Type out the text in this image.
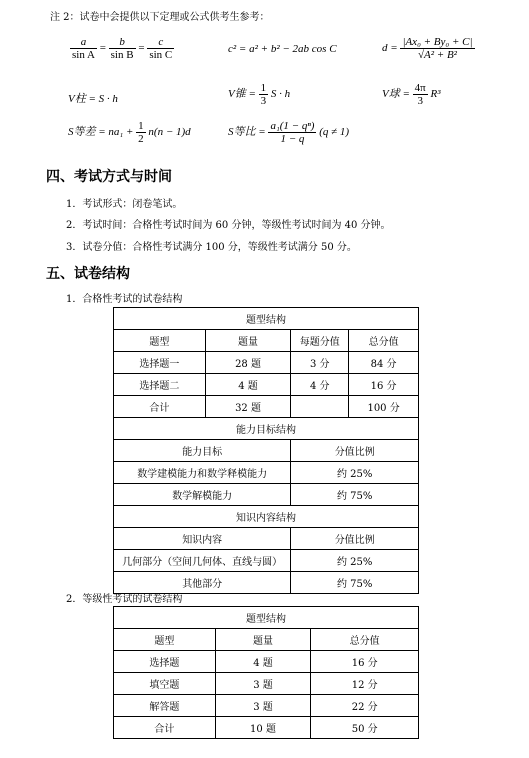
注 2：试卷中会提供以下定理或公式供考生参考：
$\frac{a}{\text{sin A}} = \frac{b}{\text{sin B}} = \frac{c}{\text{sin C}}$	c² = a² + b² − 2ab cos C	$d = \frac{\text{|Ax₀ + By₀ + C|}}{\text{√A² + B²}}$
V柱 = S · h	V锥 = $\frac{1}{3}$ S · h	V球 = $\frac{4\pi}{3} R^3$
S等差 = $na_1 + \frac{1}{2} n(n - 1)d$	S等比 = $\frac{\text{a₁(1 − qⁿ)}}{1 - q} (q \ne 1)$
四、考试方式与时间
1．考试形式：闭卷笔试。
2．考试时间：合格性考试时间为 60 分钟，等级性考试时间为 40 分钟。
3．试卷分值：合格性考试满分 100 分，等级性考试满分 50 分。
五、试卷结构
1．合格性考试的试卷结构
题型结构			
题型	题量	每题分值	总分值
选择题一	28 题	3 分	84 分
选择题二	4 题	4 分	16 分
合计	32 题		100 分
能力目标结构			
能力目标		分值比例	
数学建模能力和数学释模能力		约 25%	
数学解模能力		约 75%	
知识内容结构			
知识内容		分值比例	
几何部分（空间几何体、直线与圆）		约 25%	
其他部分		约 75%	
2．等级性考试的试卷结构
题型结构		
题型	题量	总分值
选择题	4 题	16 分
填空题	3 题	12 分
解答题	3 题	22 分
合计	10 题	50 分
